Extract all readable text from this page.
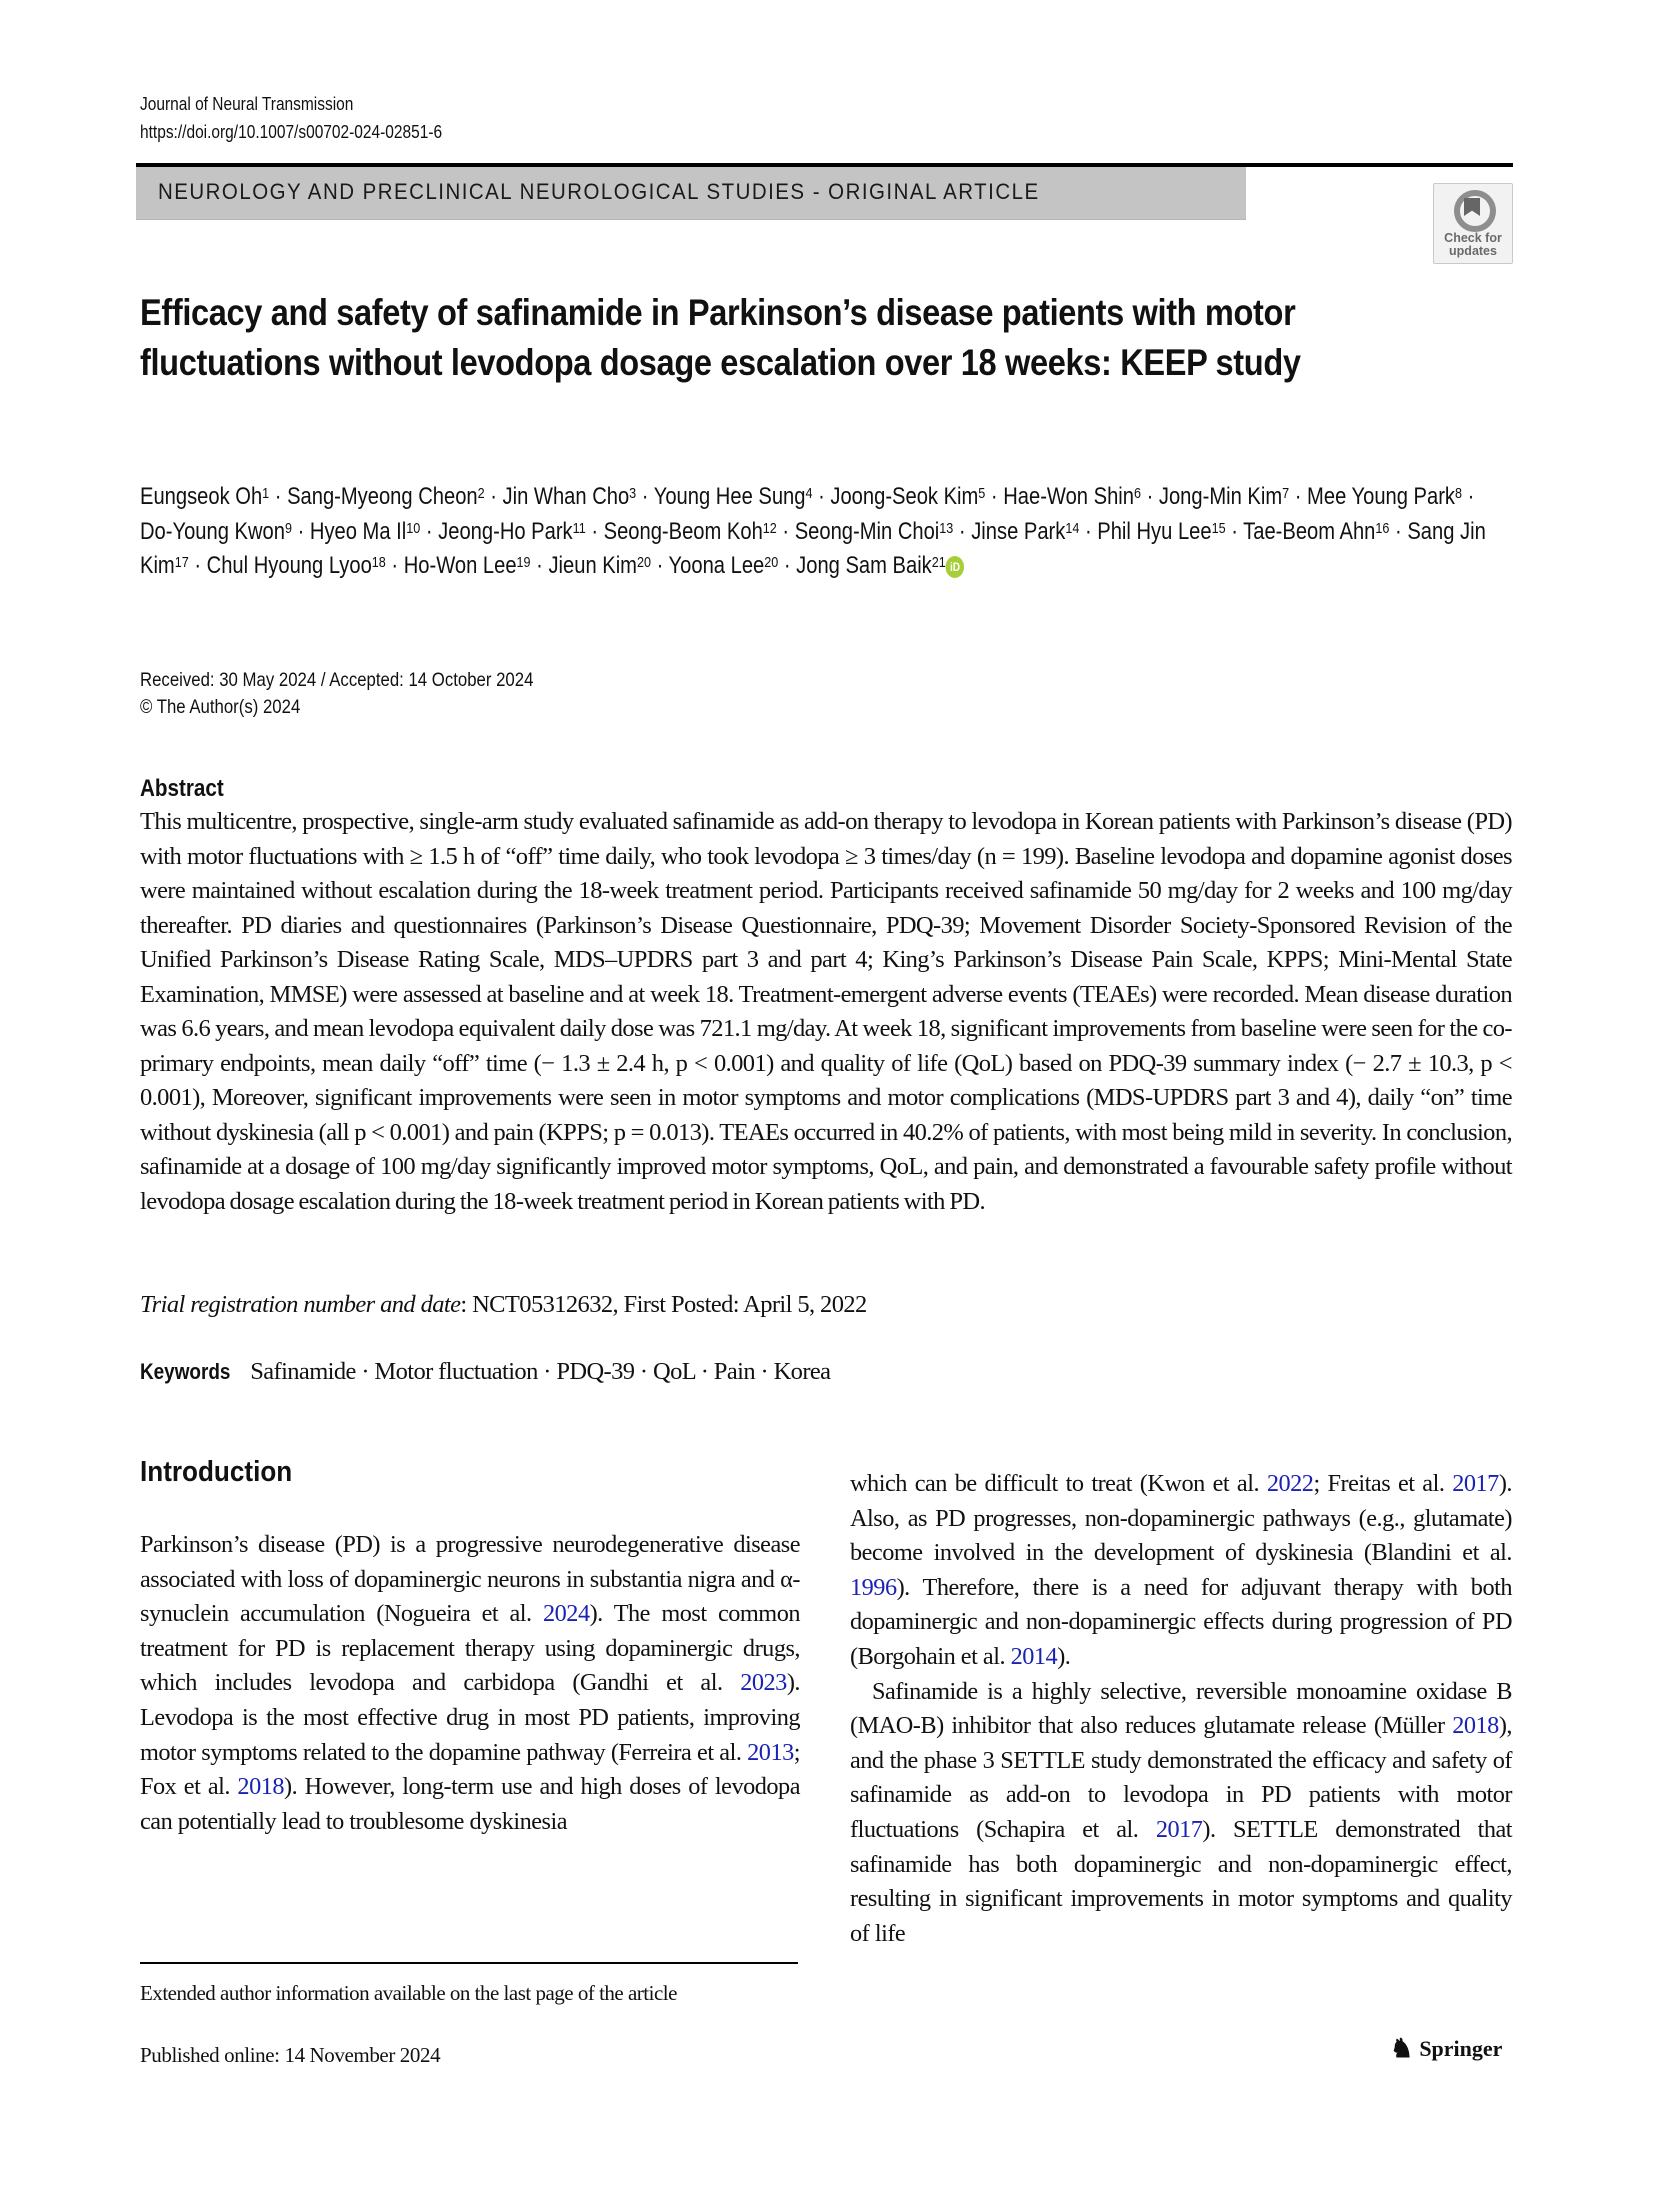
Journal of Neural Transmission
https://doi.org/10.1007/s00702-024-02851-6
NEUROLOGY AND PRECLINICAL NEUROLOGICAL STUDIES - ORIGINAL ARTICLE
Check for
updates
Efficacy and safety of safinamide in Parkinson’s disease patients with motor fluctuations without levodopa dosage escalation over 18 weeks: KEEP study
Eungseok $Oh^1$ · Sang-Myeong Cheon$^2$ · Jin Whan Cho$^3$ · Young Hee Sung$^4$ · Joong-Seok Kim$^5$ · Hae-Won Shin$^6$ · Jong-Min Kim$^7$ · Mee Young Park$^8$ · Do-Young Kwon$^9$ · Hyeo Ma $Il^{10}$ · Jeong-Ho Park$^{11}$ · Seong-Beom Koh$^{12}$ · Seong-Min Choi$^{13}$ · Jinse Park$^{14}$ · Phil Hyu Lee$^{15}$ · Tae-Beom Ahn$^{16}$ · Sang Jin Kim$^{17}$ · Chul Hyoung Lyoo$^{18}$ · Ho-Won Lee$^{19}$ · Jieun Kim$^{20}$ · Yoona Lee$^{20}$ · Jong Sam Baik$^{21}$ iD
Received: 30 May 2024 / Accepted: 14 October 2024
© The Author(s) 2024
Abstract
This multicentre, prospective, single-arm study evaluated safinamide as add-on therapy to levodopa in Korean patients with Parkinson’s disease (PD) with motor fluctuations with ≥ 1.5 h of “off” time daily, who took levodopa ≥ 3 times/day (n = 199). Baseline levodopa and dopamine agonist doses were maintained without escalation during the 18-week treatment period. Participants received safinamide 50 mg/day for 2 weeks and 100 mg/day thereafter. PD diaries and questionnaires (Parkinson’s Disease Questionnaire, PDQ-39; Movement Disorder Society-Sponsored Revision of the Unified Parkinson’s Disease Rating Scale, MDS–UPDRS part 3 and part 4; King’s Parkinson’s Disease Pain Scale, KPPS; Mini-Mental State Examination, MMSE) were assessed at baseline and at week 18. Treatment-emergent adverse events (TEAEs) were recorded. Mean disease duration was 6.6 years, and mean levodopa equivalent daily dose was 721.1 mg/day. At week 18, significant improvements from baseline were seen for the co-primary endpoints, mean daily “off” time (− 1.3 ± 2.4 h, p < 0.001) and quality of life (QoL) based on PDQ-39 summary index (− 2.7 ± 10.3, p < 0.001), Moreover, significant improvements were seen in motor symptoms and motor complications (MDS-UPDRS part 3 and 4), daily “on” time without dyskinesia (all p < 0.001) and pain (KPPS; p = 0.013). TEAEs occurred in 40.2% of patients, with most being mild in severity. In conclusion, safinamide at a dosage of 100 mg/day significantly improved motor symptoms, QoL, and pain, and demonstrated a favourable safety profile without levodopa dosage escalation during the 18-week treatment period in Korean patients with PD.
Trial registration number and date: NCT05312632, First Posted: April 5, 2022
Keywords Safinamide · Motor fluctuation · PDQ-39 · QoL · Pain · Korea
Introduction

Parkinson’s disease (PD) is a progressive neurodegenerative disease associated with loss of dopaminergic neurons in substantia nigra and α-synuclein accumulation (Nogueira et al. 2024). The most common treatment for PD is replacement therapy using dopaminergic drugs, which includes levodopa and carbidopa (Gandhi et al. 2023). Levodopa is the most effective drug in most PD patients, improving motor symptoms related to the dopamine pathway (Ferreira et al. 2013; Fox et al. 2018). However, long-term use and high doses of levodopa can potentially lead to troublesome dyskinesia

which can be difficult to treat (Kwon et al. 2022; Freitas et al. 2017). Also, as PD progresses, non-dopaminergic pathways (e.g., glutamate) become involved in the development of dyskinesia (Blandini et al. 1996). Therefore, there is a need for adjuvant therapy with both dopaminergic and non-dopaminergic effects during progression of PD (Borgohain et al. 2014).

Safinamide is a highly selective, reversible monoamine oxidase B (MAO-B) inhibitor that also reduces glutamate release (Müller 2018), and the phase 3 SETTLE study demonstrated the efficacy and safety of safinamide as add-on to levodopa in PD patients with motor fluctuations (Schapira et al. 2017). SETTLE demonstrated that safinamide has both dopaminergic and non-dopaminergic effect, resulting in significant improvements in motor symptoms and quality of life

Extended author information available on the last page of the article
Published online: 14 November 2024	♞ Springer
